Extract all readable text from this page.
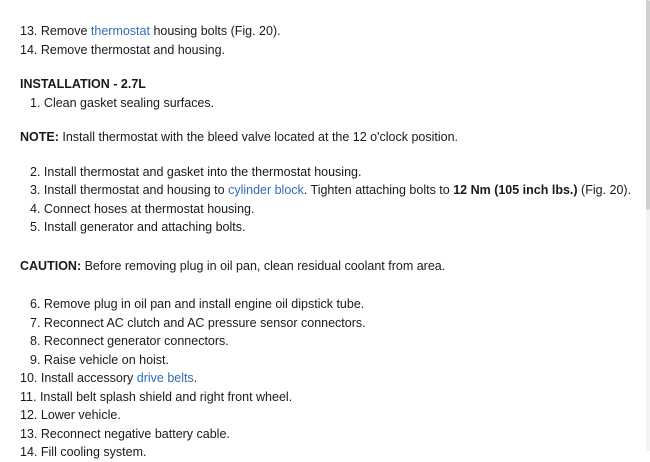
13. Remove thermostat housing bolts (Fig. 20).
14. Remove thermostat and housing.
INSTALLATION - 2.7L
1. Clean gasket sealing surfaces.
NOTE: Install thermostat with the bleed valve located at the 12 o'clock position.
2. Install thermostat and gasket into the thermostat housing.
3. Install thermostat and housing to cylinder block. Tighten attaching bolts to 12 Nm (105 inch lbs.) (Fig. 20).
4. Connect hoses at thermostat housing.
5. Install generator and attaching bolts.
CAUTION: Before removing plug in oil pan, clean residual coolant from area.
6. Remove plug in oil pan and install engine oil dipstick tube.
7. Reconnect AC clutch and AC pressure sensor connectors.
8. Reconnect generator connectors.
9. Raise vehicle on hoist.
10. Install accessory drive belts.
11. Install belt splash shield and right front wheel.
12. Lower vehicle.
13. Reconnect negative battery cable.
14. Fill cooling system.
